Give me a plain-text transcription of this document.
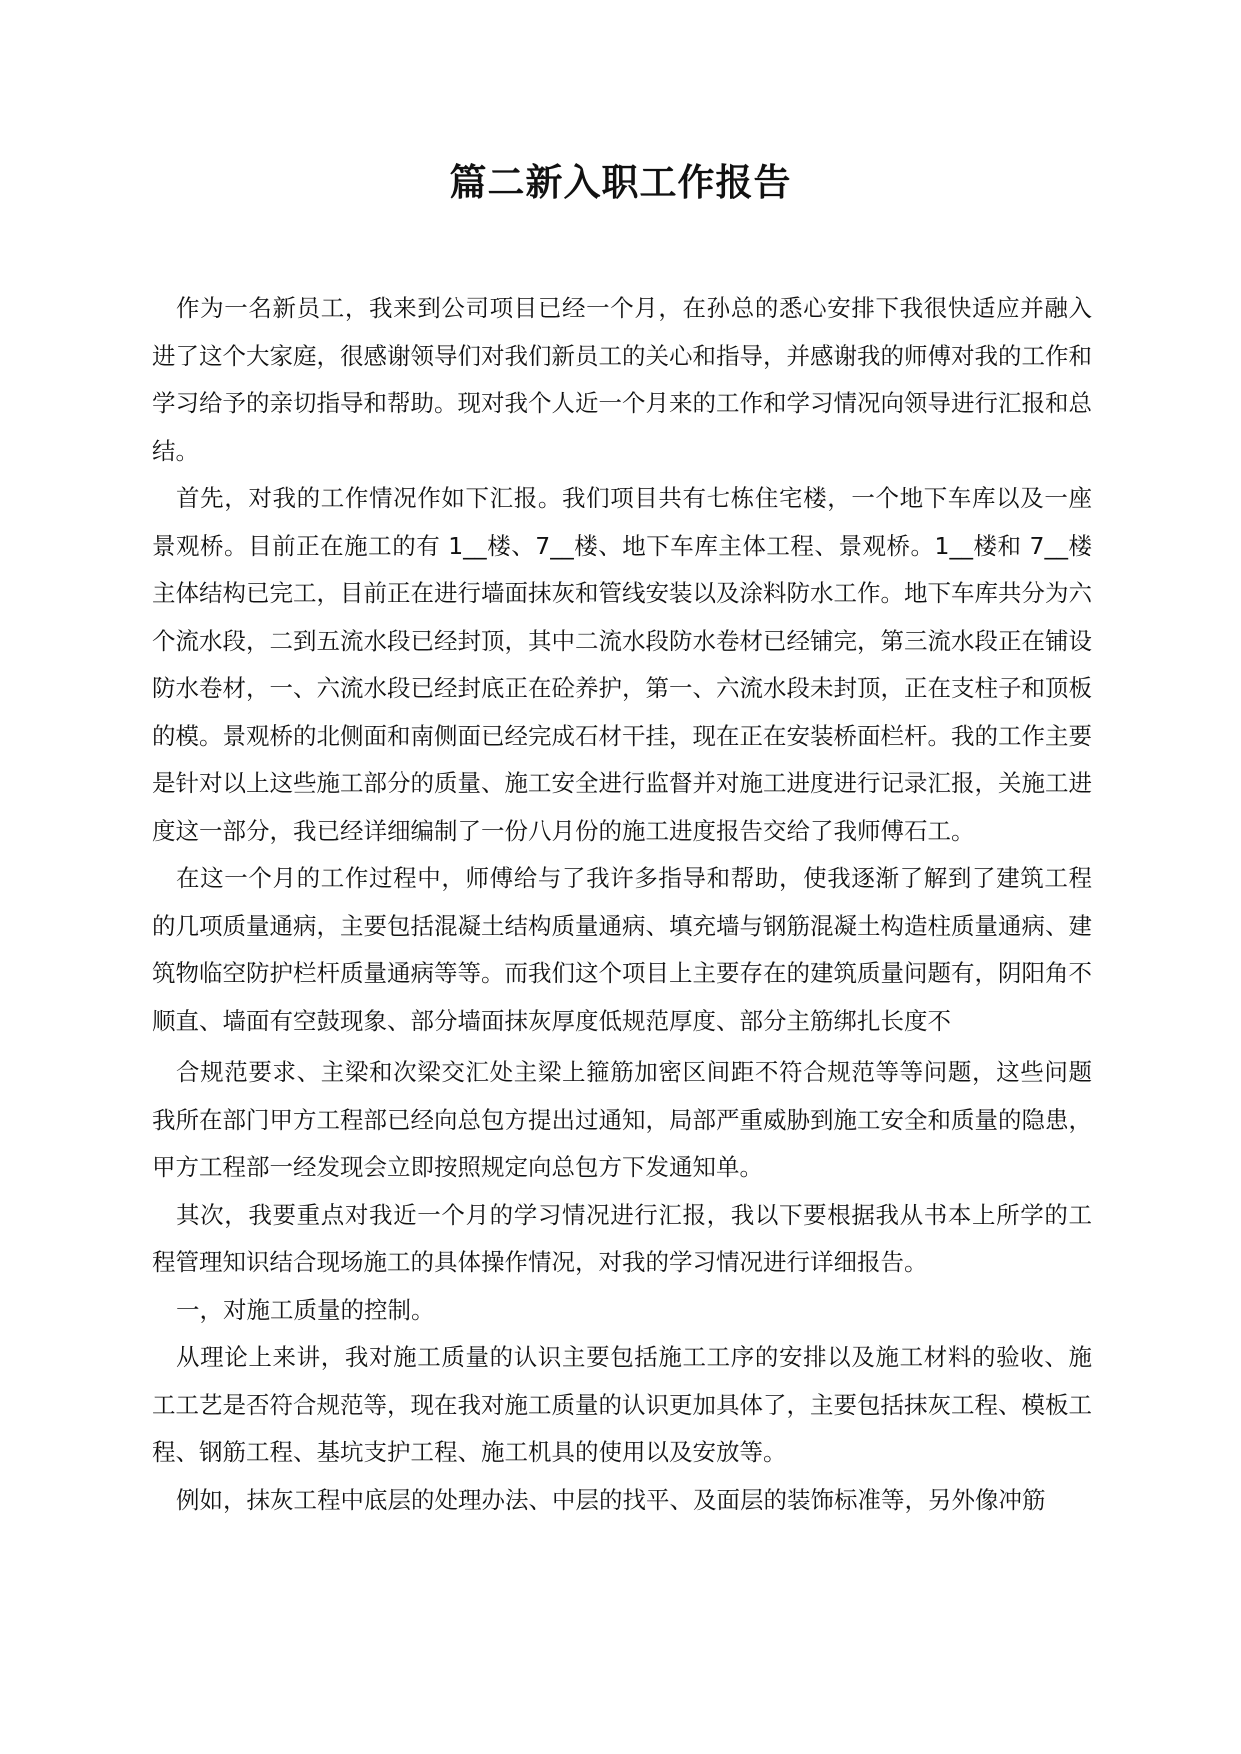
篇二新入职工作报告

作为一名新员工，我来到公司项目已经一个月，在孙总的悉心安排下我很快适应并融入进了这个大家庭，很感谢领导们对我们新员工的关心和指导，并感谢我的师傅对我的工作和学习给予的亲切指导和帮助。现对我个人近一个月来的工作和学习情况向领导进行汇报和总结。

首先，对我的工作情况作如下汇报。我们项目共有七栋住宅楼，一个地下车库以及一座景观桥。目前正在施工的有 1__楼、7__楼、地下车库主体工程、景观桥。1__楼和 7__楼主体结构已完工，目前正在进行墙面抹灰和管线安装以及涂料防水工作。地下车库共分为六个流水段，二到五流水段已经封顶，其中二流水段防水卷材已经铺完，第三流水段正在铺设防水卷材，一、六流水段已经封底正在砼养护，第一、六流水段未封顶，正在支柱子和顶板的模。景观桥的北侧面和南侧面已经完成石材干挂，现在正在安装桥面栏杆。我的工作主要是针对以上这些施工部分的质量、施工安全进行监督并对施工进度进行记录汇报，关施工进度这一部分，我已经详细编制了一份八月份的施工进度报告交给了我师傅石工。

在这一个月的工作过程中，师傅给与了我许多指导和帮助，使我逐渐了解到了建筑工程的几项质量通病，主要包括混凝土结构质量通病、填充墙与钢筋混凝土构造柱质量通病、建筑物临空防护栏杆质量通病等等。而我们这个项目上主要存在的建筑质量问题有，阴阳角不顺直、墙面有空鼓现象、部分墙面抹灰厚度低规范厚度、部分主筋绑扎长度不

合规范要求、主梁和次梁交汇处主梁上箍筋加密区间距不符合规范等等问题，这些问题我所在部门甲方工程部已经向总包方提出过通知，局部严重威胁到施工安全和质量的隐患，甲方工程部一经发现会立即按照规定向总包方下发通知单。

其次，我要重点对我近一个月的学习情况进行汇报，我以下要根据我从书本上所学的工程管理知识结合现场施工的具体操作情况，对我的学习情况进行详细报告。

一，对施工质量的控制。

从理论上来讲，我对施工质量的认识主要包括施工工序的安排以及施工材料的验收、施工工艺是否符合规范等，现在我对施工质量的认识更加具体了，主要包括抹灰工程、模板工程、钢筋工程、基坑支护工程、施工机具的使用以及安放等。

例如，抹灰工程中底层的处理办法、中层的找平、及面层的装饰标准等，另外像冲筋
